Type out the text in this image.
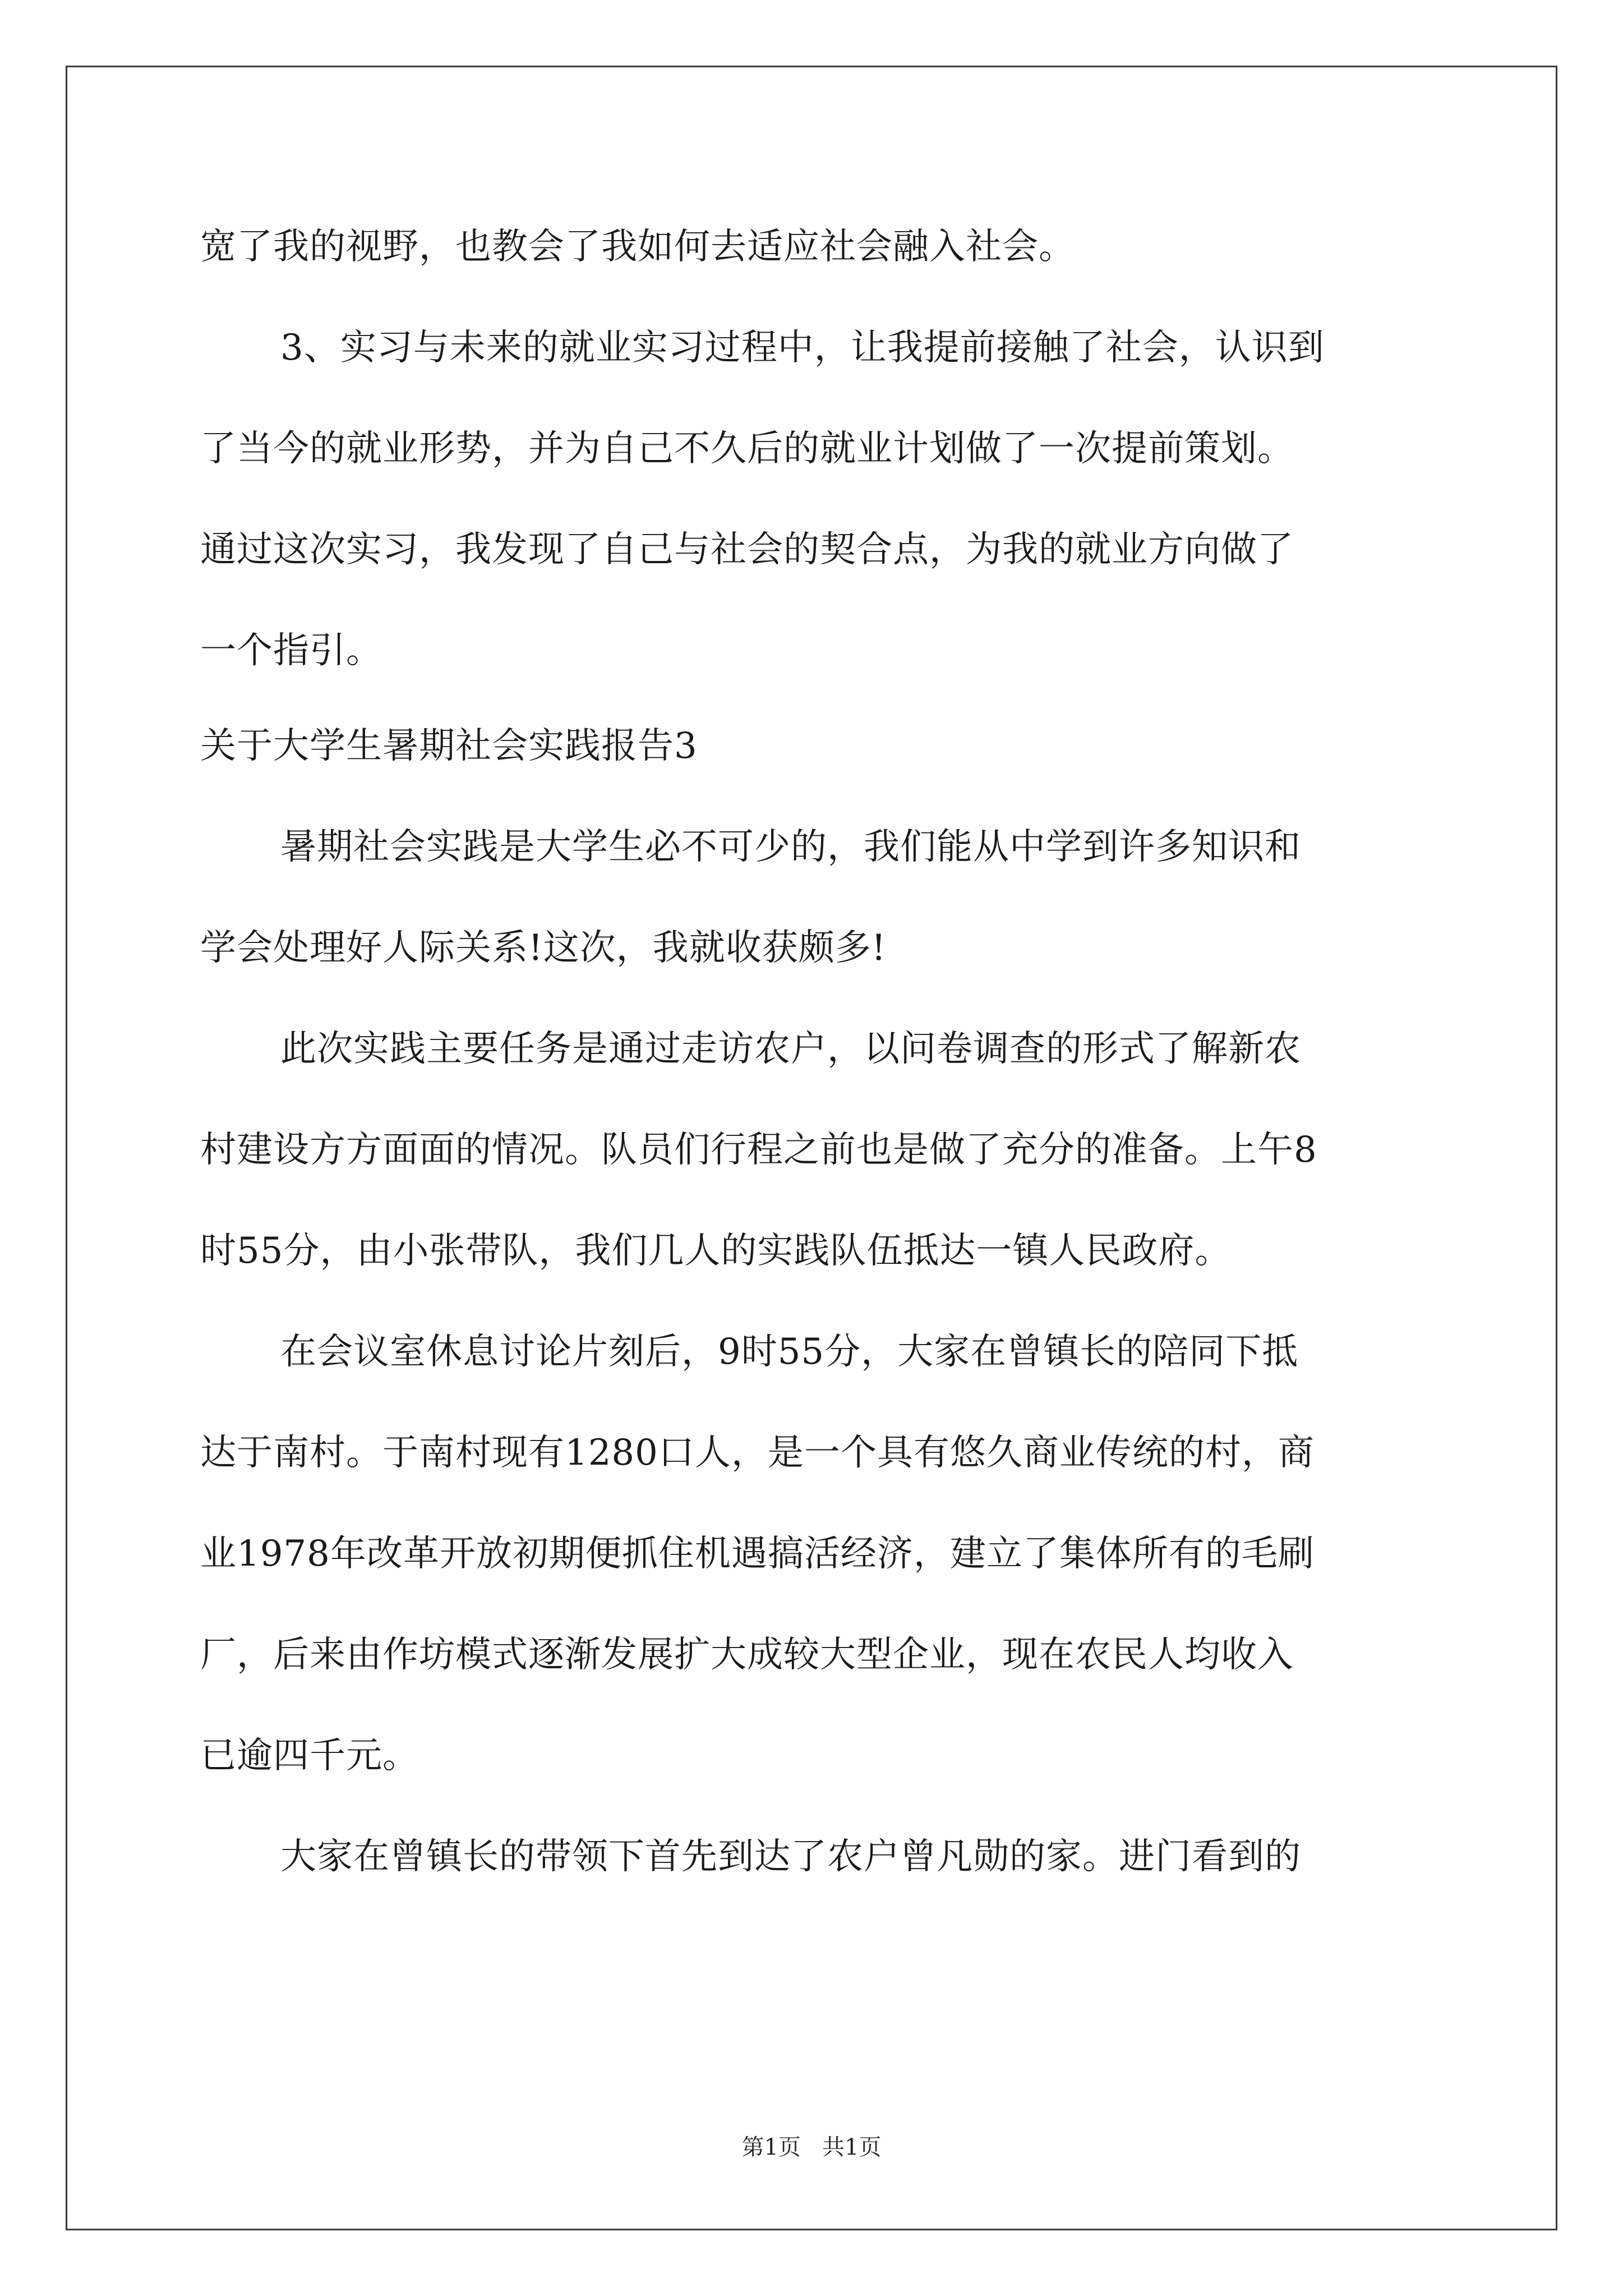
宽了我的视野，也教会了我如何去适应社会融入社会。
3、实习与未来的就业实习过程中，让我提前接触了社会，认识到
了当今的就业形势，并为自己不久后的就业计划做了一次提前策划。
通过这次实习，我发现了自己与社会的契合点，为我的就业方向做了
一个指引。
关于大学生暑期社会实践报告3
暑期社会实践是大学生必不可少的，我们能从中学到许多知识和
学会处理好人际关系!这次，我就收获颇多!
此次实践主要任务是通过走访农户，以问卷调查的形式了解新农
村建设方方面面的情况。队员们行程之前也是做了充分的准备。上午8
时55分，由小张带队，我们几人的实践队伍抵达一镇人民政府。
在会议室休息讨论片刻后，9时55分，大家在曾镇长的陪同下抵
达于南村。于南村现有1280口人，是一个具有悠久商业传统的村，商
业1978年改革开放初期便抓住机遇搞活经济，建立了集体所有的毛刷
厂，后来由作坊模式逐渐发展扩大成较大型企业，现在农民人均收入
已逾四千元。
大家在曾镇长的带领下首先到达了农户曾凡勋的家。进门看到的
第1页   共1页
